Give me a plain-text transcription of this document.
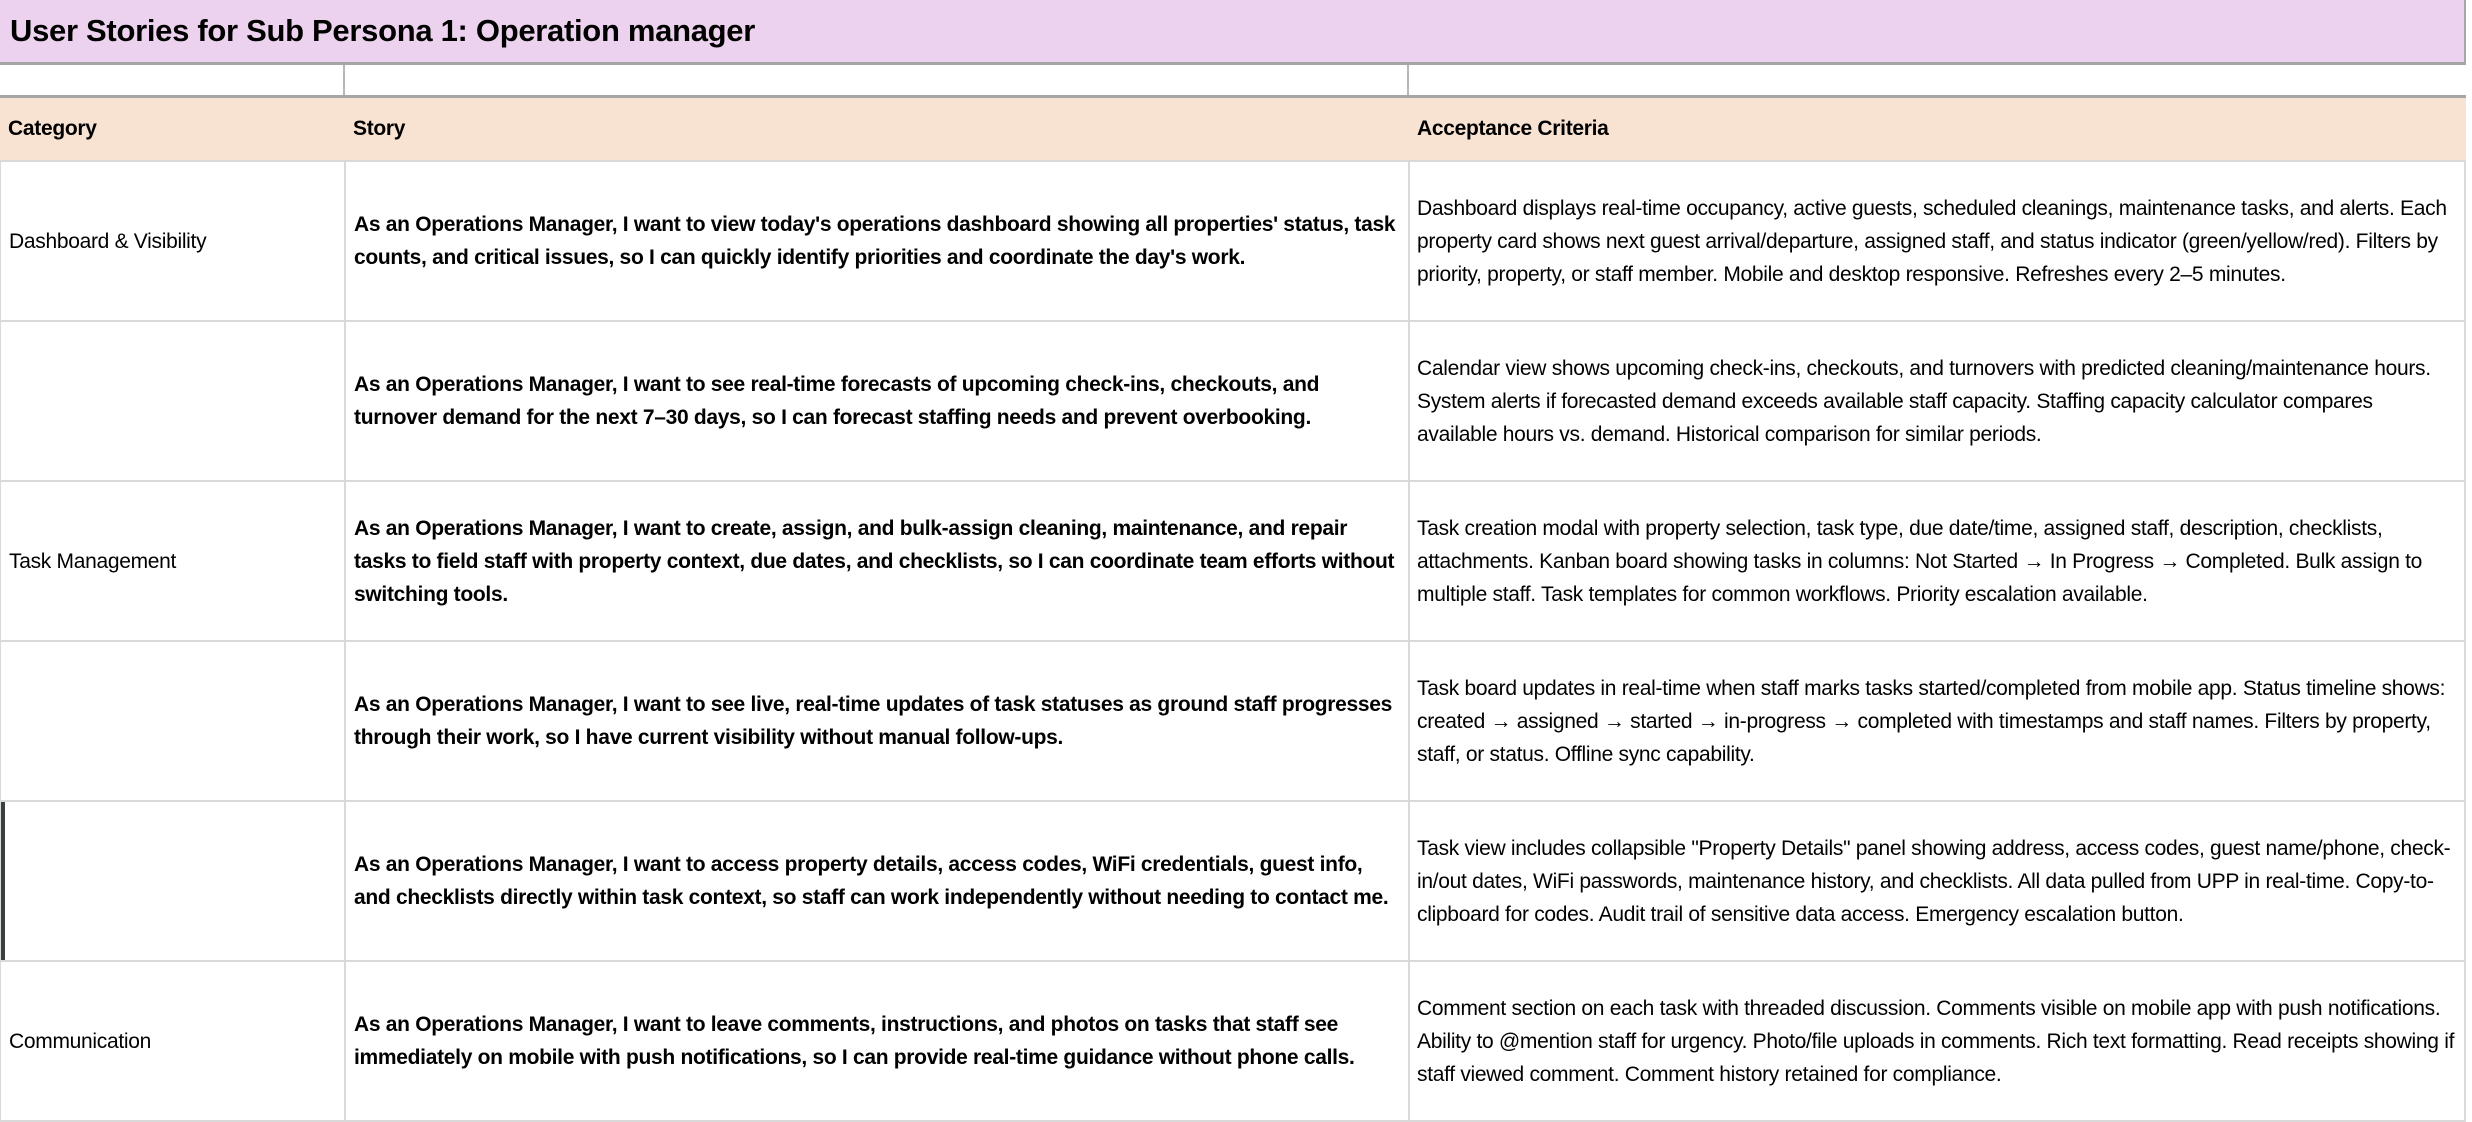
User Stories for Sub Persona 1: Operation manager
Category	Story	Acceptance Criteria
Dashboard & Visibility
As an Operations Manager, I want to view today's operations dashboard showing all properties' status, task counts, and critical issues, so I can quickly identify priorities and coordinate the day's work.
Dashboard displays real-time occupancy, active guests, scheduled cleanings, maintenance tasks, and alerts. Each property card shows next guest arrival/departure, assigned staff, and status indicator (green/yellow/red). Filters by priority, property, or staff member. Mobile and desktop responsive. Refreshes every 2–5 minutes.
As an Operations Manager, I want to see real-time forecasts of upcoming check-ins, checkouts, and turnover demand for the next 7–30 days, so I can forecast staffing needs and prevent overbooking.
Calendar view shows upcoming check-ins, checkouts, and turnovers with predicted cleaning/maintenance hours. System alerts if forecasted demand exceeds available staff capacity. Staffing capacity calculator compares available hours vs. demand. Historical comparison for similar periods.
Task Management
As an Operations Manager, I want to create, assign, and bulk-assign cleaning, maintenance, and repair tasks to field staff with property context, due dates, and checklists, so I can coordinate team efforts without switching tools.
Task creation modal with property selection, task type, due date/time, assigned staff, description, checklists, attachments. Kanban board showing tasks in columns: Not Started → In Progress → Completed. Bulk assign to multiple staff. Task templates for common workflows. Priority escalation available.
As an Operations Manager, I want to see live, real-time updates of task statuses as ground staff progresses through their work, so I have current visibility without manual follow-ups.
Task board updates in real-time when staff marks tasks started/completed from mobile app. Status timeline shows: created → assigned → started → in-progress → completed with timestamps and staff names. Filters by property, staff, or status. Offline sync capability.
As an Operations Manager, I want to access property details, access codes, WiFi credentials, guest info, and checklists directly within task context, so staff can work independently without needing to contact me.
Task view includes collapsible "Property Details" panel showing address, access codes, guest name/phone, check-in/out dates, WiFi passwords, maintenance history, and checklists. All data pulled from UPP in real-time. Copy-to-clipboard for codes. Audit trail of sensitive data access. Emergency escalation button.
Communication
As an Operations Manager, I want to leave comments, instructions, and photos on tasks that staff see immediately on mobile with push notifications, so I can provide real-time guidance without phone calls.
Comment section on each task with threaded discussion. Comments visible on mobile app with push notifications. Ability to @mention staff for urgency. Photo/file uploads in comments. Rich text formatting. Read receipts showing if staff viewed comment. Comment history retained for compliance.
